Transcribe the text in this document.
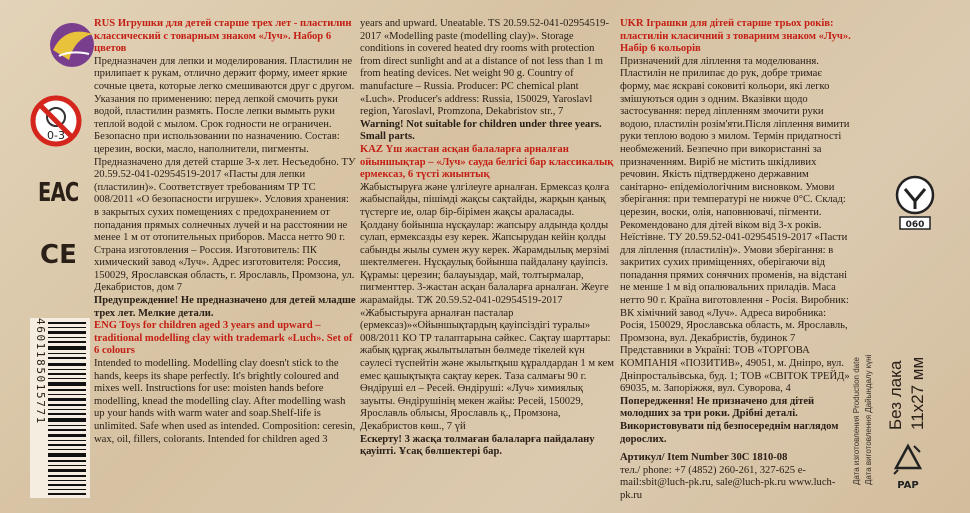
0-3
EAC
CE
4601185015771

RUS Игрушки для детей старше трех лет - пластилин классический с товарным знаком «Луч». Набор 6 цветов

Предназначен для лепки и моделирования. Пластилин не прилипает к рукам, отлично держит форму, имеет яркие сочные цвета, которые легко смешиваются друг с другом. Указания по применению: перед лепкой смочить руки водой, пластилин размять. После лепки вымыть руки теплой водой с мылом. Срок годности не ограничен. Безопасно при использовании по назначению. Состав: церезин, воски, масло, наполнители, пигменты. Предназначено для детей старше 3-х лет. Несъедобно. ТУ 20.59.52-041-02954519-2017 «Пасты для лепки (пластилин)». Соответствует требованиям ТР ТС 008/2011 «О безопасности игрушек». Условия хранения: в закрытых сухих помещениях с предохранением от попадания прямых солнечных лучей и на расстоянии не менее 1 м от отопительных приборов. Масса нетто 90 г. Страна изготовления – Россия. Изготовитель: ПК химический завод «Луч». Адрес изготовителя: Россия, 150029, Ярославская область, г. Ярославль, Промзона, ул. Декабристов, дом 7

Предупреждение! Не предназначено для детей младше трех лет. Мелкие детали.

ENG Toys for children aged 3 years and upward – traditional modelling clay with trademark «Luch». Set of 6 colours

Intended to modelling. Modelling clay doesn't stick to the hands, keeps its shape perfectly. It's brightly coloured and mixes well. Instructions for use: moisten hands before modelling, knead the modelling clay. After modelling wash up your hands with warm water and soap.Shelf-life is unlimited. Safe when used as intended. Composition: ceresin, wax, oil, fillers, colorants. Intended for children aged 3

years and upward. Uneatable. TS 20.59.52-041-02954519-2017 «Modelling paste (modelling clay)». Storage conditions in covered heated dry rooms with protection from direct sunlight and at a distance of not less than 1 m from heating devices. Net weight 90 g. Country of manufacture – Russia. Producer: PC chemical plant «Luch». Producer's address: Russia, 150029, Yaroslavl region, Yaroslavl, Promzona, Dekabristov str., 7

Warning! Not suitable for children under three years. Small parts.

KAZ Үш жастан асқан балаларға арналған ойыншықтар – «Луч» сауда белгісі бар классикалық ермексаз, 6 түсті жиынтық

Жабыстыруға және үлгілеуге арналған. Ермексаз қолға жабыспайды, пішімді жақсы сақтайды, жарқын қанық түстерге ие, олар бір-бірімен жақсы араласады. Қолдану бойынша нұсқаулар: жапсыру алдында қолды сулап, ермексазды езу керек. Жапсырудан кейін қолды сабынды жылы сумен жуу керек. Жарамдылық мерзімі шектелмеген. Нұсқаулық бойынша пайдалану қауіпсіз. Құрамы: церезин; балауыздар, май, толтырмалар, пигменттер. 3-жастан асқан балаларға арналған. Жеуге жарамайды. ТЖ 20.59.52-041-02954519-2017 «Жабыстыруға арналған пасталар (ермексаз)»«Ойыншықтардың қауіпсіздігі туралы» 008/2011 КО ТР талаптарына сәйкес. Сақтау шарттары: жабық құрғақ жылытылатын бөлмеде тікелей күн сәулесі түспейтін және жылытқыш құралдардан 1 м кем емес қашықтықта сақтау керек. Таза салмағы 90 г. Өндіруші ел – Ресей. Өндіруші: «Луч» химиялық зауыты. Өндірушінің мекен жайы: Ресей, 150029, Ярославль облысы, Ярославль қ., Промзона, Декабристов көш., 7 үй

Ескерту! 3 жасқа толмаған балаларға пайдалану қауіпті. Ұсақ бөлшектері бар.

UKR Іграшки для дітей старше трьох років: пластилін класичний з товарним знаком «Луч». Набір 6 кольорів

Призначений для ліплення та моделювання. Пластилін не прилипає до рук, добре тримає форму, має яскраві соковиті кольори, які легко змішуються один з одним. Вказівки щодо застосування: перед ліпленням змочити руки водою, пластилін розім'яти.Після ліплення вимити руки теплою водою з милом. Термін придатності необмежений. Безпечно при використанні за призначенням. Виріб не містить шкідливих речовин. Якість підтверджено державним санітарно- епідеміологічним висновком. Умови зберігання: при температурі не нижче 0°С. Склад: церезин, воски, олія, наповнювачі, пігменти. Рекомендовано для дітей віком від 3-х років. Неїстівне. ТУ 20.59.52-041-02954519-2017 «Пасти для ліплення (пластилін)». Умови зберігання: в закритих сухих приміщеннях, оберігаючи від попадання прямих сонячних променів, на відстані не менше 1 м від опалювальних приладів. Маса нетто 90 г. Країна виготовлення - Росія. Виробник: ВК хімічний завод «Луч». Адреса виробника: Росія, 150029, Ярославська область, м. Ярославль, Промзона, вул. Декабристів, будинок 7 Представники в Україні: ТОВ «ТОРГОВА КОМПАНІЯ «ПОЗИТИВ», 49051, м. Дніпро, вул. Дніпростальівська, буд. 1; ТОВ «СВІТОК ТРЕЙД» 69035, м. Запоріжжя, вул. Суворова, 4

Попередження! Не призначено для дітей молодших за три роки. Дрібні деталі. Використовувати під безпосереднім наглядом дорослих.

Артикул/ Item Number 30С 1810-08

тел./ phone: +7 (4852) 260-261, 327-625 e-mail:sbit@luch-pk.ru, sale@luch-pk.ru www.luch-pk.ru

060
Дата изготовления Production date Дата виготовлення Дайындалу күні Без лака 11х27 мм
PAP
